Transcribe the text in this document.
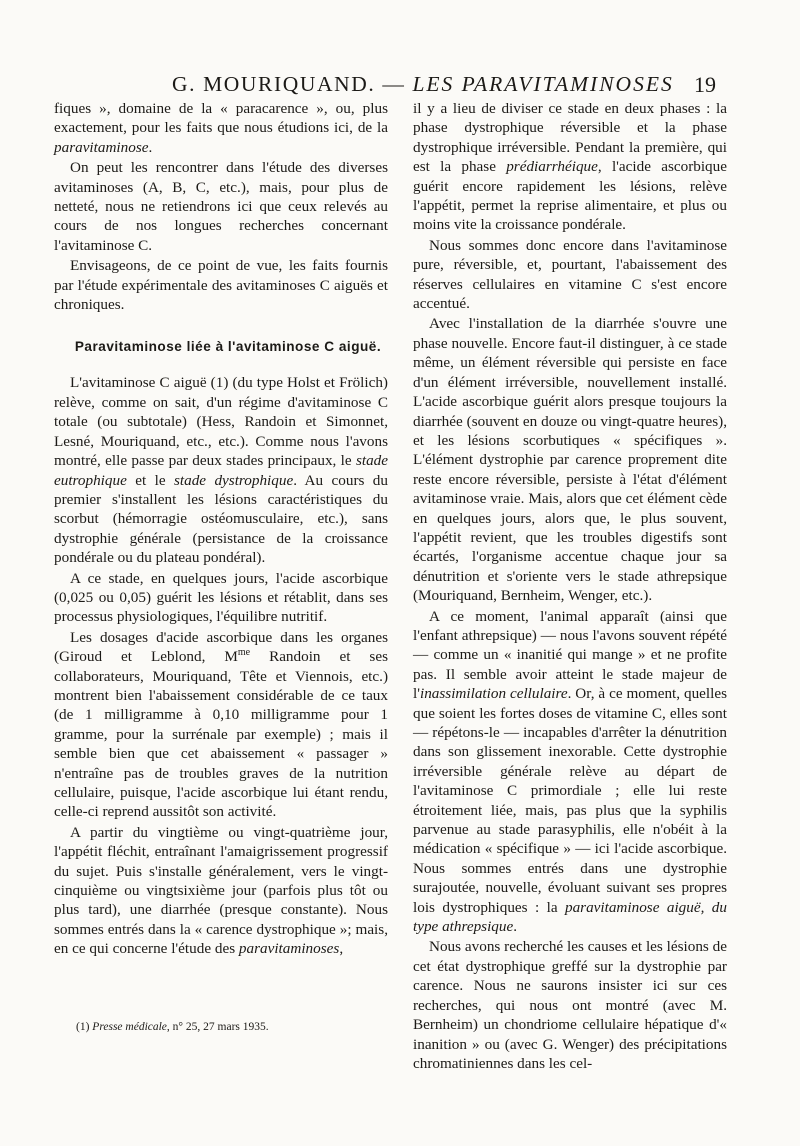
G. MOURIQUAND. — LES PARAVITAMINOSES 19

fiques », domaine de la « paracarence », ou, plus exactement, pour les faits que nous étudions ici, de la paravitaminose.

On peut les rencontrer dans l'étude des diverses avitaminoses (A, B, C, etc.), mais, pour plus de netteté, nous ne retiendrons ici que ceux relevés au cours de nos longues recherches concernant l'avitaminose C.

Envisageons, de ce point de vue, les faits fournis par l'étude expérimentale des avitaminoses C aiguës et chroniques.

Paravitaminose liée à l'avitaminose C aiguë.

L'avitaminose C aiguë (1) (du type Holst et Frölich) relève, comme on sait, d'un régime d'avitaminose C totale (ou subtotale) (Hess, Randoin et Simonnet, Lesné, Mouriquand, etc., etc.). Comme nous l'avons montré, elle passe par deux stades principaux, le stade eutrophique et le stade dystrophique. Au cours du premier s'installent les lésions caractéristiques du scorbut (hémorragie ostéomusculaire, etc.), sans dystrophie générale (persistance de la croissance pondérale ou du plateau pondéral).

A ce stade, en quelques jours, l'acide ascorbique (0,025 ou 0,05) guérit les lésions et rétablit, dans ses processus physiologiques, l'équilibre nutritif.

Les dosages d'acide ascorbique dans les organes (Giroud et Leblond, $M^{me}$ Randoin et ses collaborateurs, Mouriquand, Tête et Viennois, etc.) montrent bien l'abaissement considérable de ce taux (de 1 milligramme à 0,10 milligramme pour 1 gramme, pour la surrénale par exemple) ; mais il semble bien que cet abaissement « passager » n'entraîne pas de troubles graves de la nutrition cellulaire, puisque, l'acide ascorbique lui étant rendu, celle-ci reprend aussitôt son activité.

A partir du vingtième ou vingt-quatrième jour, l'appétit fléchit, entraînant l'amaigrissement progressif du sujet. Puis s'installe généralement, vers le vingt-cinquième ou vingtsixième jour (parfois plus tôt ou plus tard), une diarrhée (presque constante). Nous sommes entrés dans la « carence dystrophique »; mais, en ce qui concerne l'étude des paravitaminoses,

(1) Presse médicale, n° 25, 27 mars 1935.

il y a lieu de diviser ce stade en deux phases : la phase dystrophique réversible et la phase dystrophique irréversible. Pendant la première, qui est la phase prédiarrhéique, l'acide ascorbique guérit encore rapidement les lésions, relève l'appétit, permet la reprise alimentaire, et plus ou moins vite la croissance pondérale.

Nous sommes donc encore dans l'avitaminose pure, réversible, et, pourtant, l'abaissement des réserves cellulaires en vitamine C s'est encore accentué.

Avec l'installation de la diarrhée s'ouvre une phase nouvelle. Encore faut-il distinguer, à ce stade même, un élément réversible qui persiste en face d'un élément irréversible, nouvellement installé. L'acide ascorbique guérit alors presque toujours la diarrhée (souvent en douze ou vingt-quatre heures), et les lésions scorbutiques « spécifiques ». L'élément dystrophie par carence proprement dite reste encore réversible, persiste à l'état d'élément avitaminose vraie. Mais, alors que cet élément cède en quelques jours, alors que, le plus souvent, l'appétit revient, que les troubles digestifs sont écartés, l'organisme accentue chaque jour sa dénutrition et s'oriente vers le stade athrepsique (Mouriquand, Bernheim, Wenger, etc.).

A ce moment, l'animal apparaît (ainsi que l'enfant athrepsique) — nous l'avons souvent répété — comme un « inanitié qui mange » et ne profite pas. Il semble avoir atteint le stade majeur de l'inassimilation cellulaire. Or, à ce moment, quelles que soient les fortes doses de vitamine C, elles sont — répétons-le — incapables d'arrêter la dénutrition dans son glissement inexorable. Cette dystrophie irréversible générale relève au départ de l'avitaminose C primordiale ; elle lui reste étroitement liée, mais, pas plus que la syphilis parvenue au stade parasyphilis, elle n'obéit à la médication « spécifique » — ici l'acide ascorbique. Nous sommes entrés dans une dystrophie surajoutée, nouvelle, évoluant suivant ses propres lois dystrophiques : la paravitaminose aiguë, du type athrepsique.

Nous avons recherché les causes et les lésions de cet état dystrophique greffé sur la dystrophie par carence. Nous ne saurons insister ici sur ces recherches, qui nous ont montré (avec M. Bernheim) un chondriome cellulaire hépatique d'« inanition » ou (avec G. Wenger) des précipitations chromatiniennes dans les cel-
